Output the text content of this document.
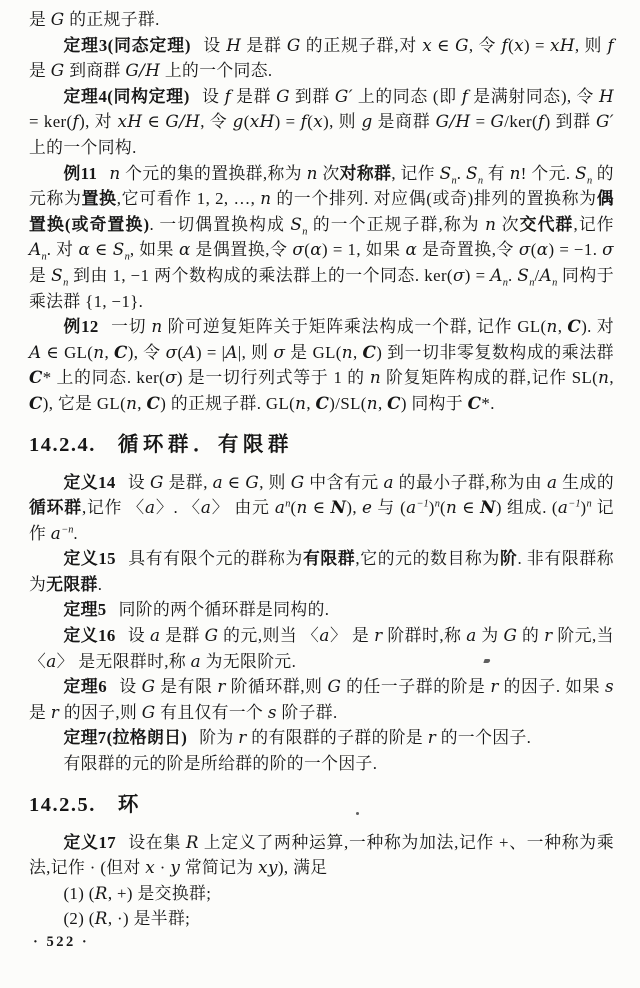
是 G 的正规子群.

定理3(同态定理) 设 H 是群 G 的正规子群,对 x ∈ G, 令 f(x) = xH, 则 f 是 G 到商群 G/H 上的一个同态.

定理4(同构定理) 设 f 是群 G 到群 G′ 上的同态 (即 f 是满射同态), 令 H = ker(f), 对 xH ∈ G/H, 令 g(xH) = f(x), 则 g 是商群 G/H = G/ker(f) 到群 G′ 上的一个同构.

例11 n 个元的集的置换群,称为 n 次对称群, 记作 $S_n$. $S_n$ 有 n! 个元. $S_n$ 的元称为置换,它可看作 1, 2, …, n 的一个排列. 对应偶(或奇)排列的置换称为偶置换(或奇置换). 一切偶置换构成 $S_n$ 的一个正规子群,称为 n 次交代群,记作 $A_n$. 对 α ∈ $S_n$, 如果 α 是偶置换,令 σ(α) = 1, 如果 α 是奇置换,令 σ(α) = −1. σ 是 $S_n$ 到由 1, −1 两个数构成的乘法群上的一个同态. $ker(\sigma) = A_n$. $S_n/A_n$ 同构于乘法群 {1, −1}.

例12 一切 n 阶可逆复矩阵关于矩阵乘法构成一个群, 记作 GL(n, C). 对 A ∈ GL(n, C), 令 σ(A) = |A|, 则 σ 是 GL(n, C) 到一切非零复数构成的乘法群 C* 上的同态. ker(σ) 是一切行列式等于 1 的 n 阶复矩阵构成的群,记作 SL(n, C), 它是 GL(n, C) 的正规子群. GL(n, C)/SL(n, C) 同构于 C*.

14.2.4. 循环群．有限群

定义14 设 G 是群, a ∈ G, 则 G 中含有元 a 的最小子群,称为由 a 生成的循环群,记作 〈a〉. 〈a〉 由元 $a^n(n$ ∈ N), e 与 $(a^{-1})^n(n$ ∈ N) 组成. $(a^{-1})^n$ 记作 $a^{-n}$.

定义15 具有有限个元的群称为有限群,它的元的数目称为阶. 非有限群称为无限群.

定理5 同阶的两个循环群是同构的.

定义16 设 a 是群 G 的元,则当 〈a〉 是 r 阶群时,称 a 为 G 的 r 阶元,当 〈a〉 是无限群时,称 a 为无限阶元.

定理6 设 G 是有限 r 阶循环群,则 G 的任一子群的阶是 r 的因子. 如果 s 是 r 的因子,则 G 有且仅有一个 s 阶子群.

定理7(拉格朗日) 阶为 r 的有限群的子群的阶是 r 的一个因子.

有限群的元的阶是所给群的阶的一个因子.

14.2.5. 环

定义17 设在集 R 上定义了两种运算,一种称为加法,记作 +、一种称为乘法,记作 · (但对 x · y 常简记为 xy), 满足

(1) (R, +) 是交换群;

(2) (R, ·) 是半群;

· 522 ·
